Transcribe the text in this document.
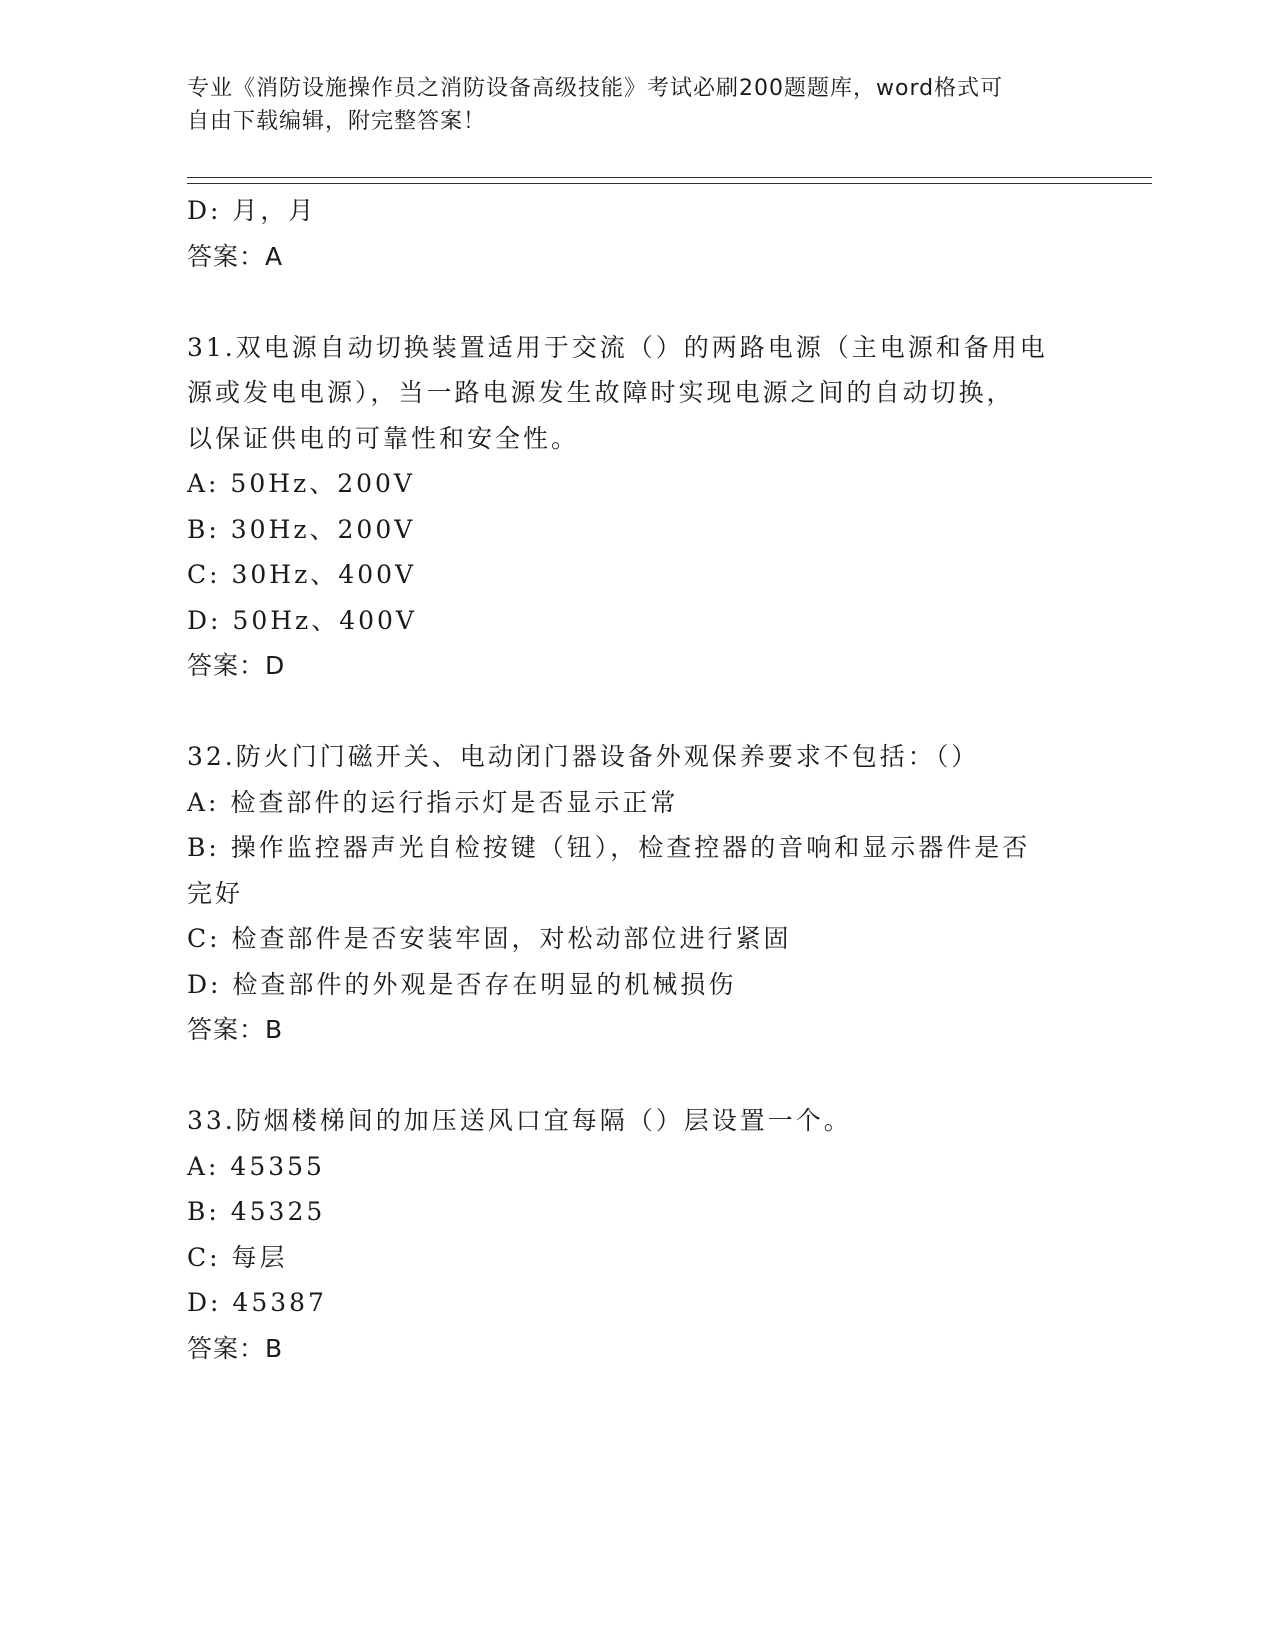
专业《消防设施操作员之消防设备高级技能》考试必刷200题题库，word格式可
自由下载编辑，附完整答案！
D: 月，月
答案：A
31.双电源自动切换装置适用于交流（）的两路电源（主电源和备用电
源或发电电源），当一路电源发生故障时实现电源之间的自动切换，
以保证供电的可靠性和安全性。
A: 50Hz、200V
B: 30Hz、200V
C: 30Hz、400V
D: 50Hz、400V
答案：D
32.防火门门磁开关、电动闭门器设备外观保养要求不包括：（）
A: 检查部件的运行指示灯是否显示正常
B: 操作监控器声光自检按键（钮），检查控器的音响和显示器件是否
完好
C: 检查部件是否安装牢固，对松动部位进行紧固
D: 检查部件的外观是否存在明显的机械损伤
答案：B
33.防烟楼梯间的加压送风口宜每隔（）层设置一个。
A: 45355
B: 45325
C: 每层
D: 45387
答案：B
